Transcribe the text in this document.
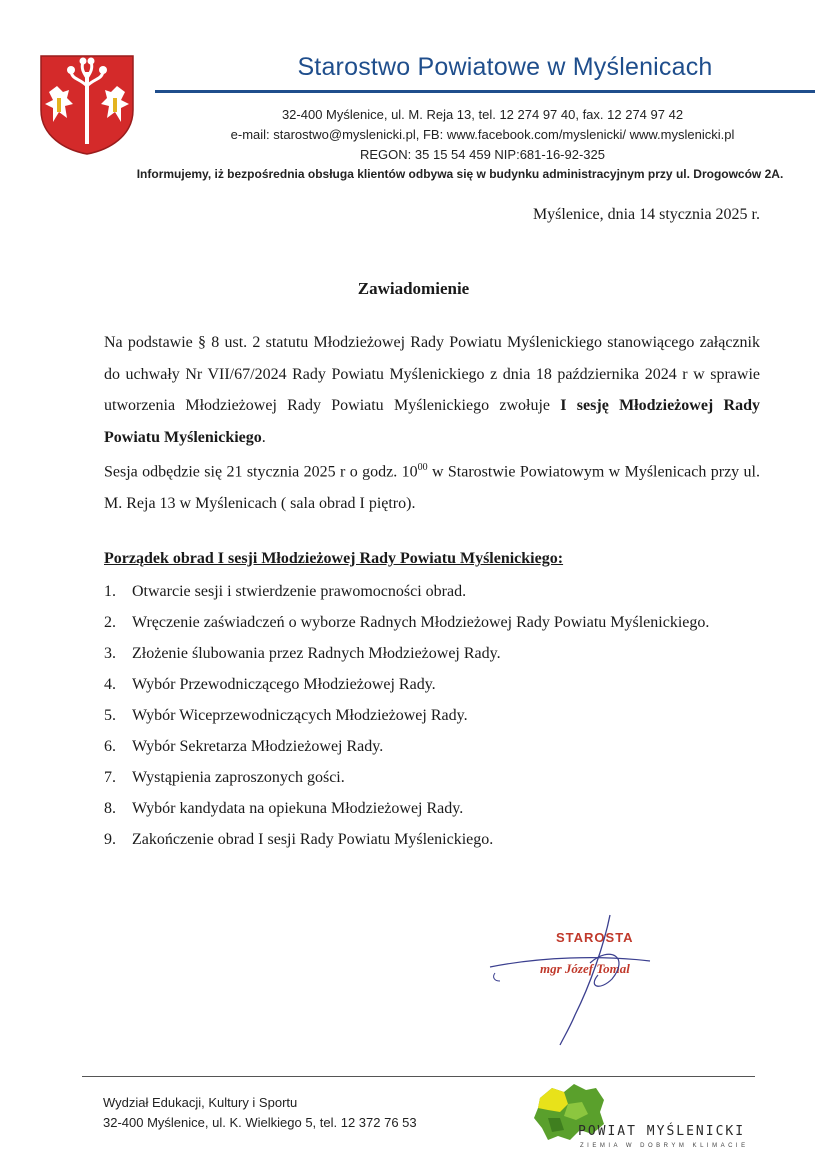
Starostwo Powiatowe w Myślenicach
32-400 Myślenice, ul. M. Reja 13, tel. 12 274 97 40, fax. 12 274 97 42
e-mail: starostwo@myslenicki.pl, FB: www.facebook.com/myslenicki/ www.myslenicki.pl
REGON: 35 15 54 459 NIP:681-16-92-325
Informujemy, iż bezpośrednia obsługa klientów odbywa się w budynku administracyjnym przy ul. Drogowców 2A.
Myślenice, dnia 14 stycznia 2025 r.
Zawiadomienie
Na podstawie § 8 ust. 2 statutu Młodzieżowej Rady Powiatu Myślenickiego stanowiącego załącznik do uchwały Nr VII/67/2024 Rady Powiatu Myślenickiego z dnia 18 października 2024 r w sprawie utworzenia Młodzieżowej Rady Powiatu Myślenickiego zwołuje I sesję Młodzieżowej Rady Powiatu Myślenickiego.
Sesja odbędzie się 21 stycznia 2025 r o godz. $10^{00}$ w Starostwie Powiatowym w Myślenicach przy ul. M. Reja 13 w Myślenicach ( sala obrad I piętro).
Porządek obrad I sesji Młodzieżowej Rady Powiatu Myślenickiego:
1.	Otwarcie sesji i stwierdzenie prawomocności obrad.
2.	Wręczenie zaświadczeń o wyborze Radnych Młodzieżowej Rady Powiatu Myślenickiego.
3.	Złożenie ślubowania przez Radnych Młodzieżowej Rady.
4.	Wybór Przewodniczącego Młodzieżowej Rady.
5.	Wybór Wiceprzewodniczących Młodzieżowej Rady.
6.	Wybór Sekretarza Młodzieżowej Rady.
7.	Wystąpienia zaproszonych gości.
8.	Wybór kandydata na opiekuna Młodzieżowej Rady.
9.	Zakończenie obrad I sesji Rady Powiatu Myślenickiego.
STAROSTA
mgr Józef Tomal
Wydział Edukacji, Kultury i Sportu
32-400 Myślenice, ul. K. Wielkiego 5, tel. 12 372 76 53
POWIAT MYŚLENICKI
ZIEMIA W DOBRYM KLIMACIE
